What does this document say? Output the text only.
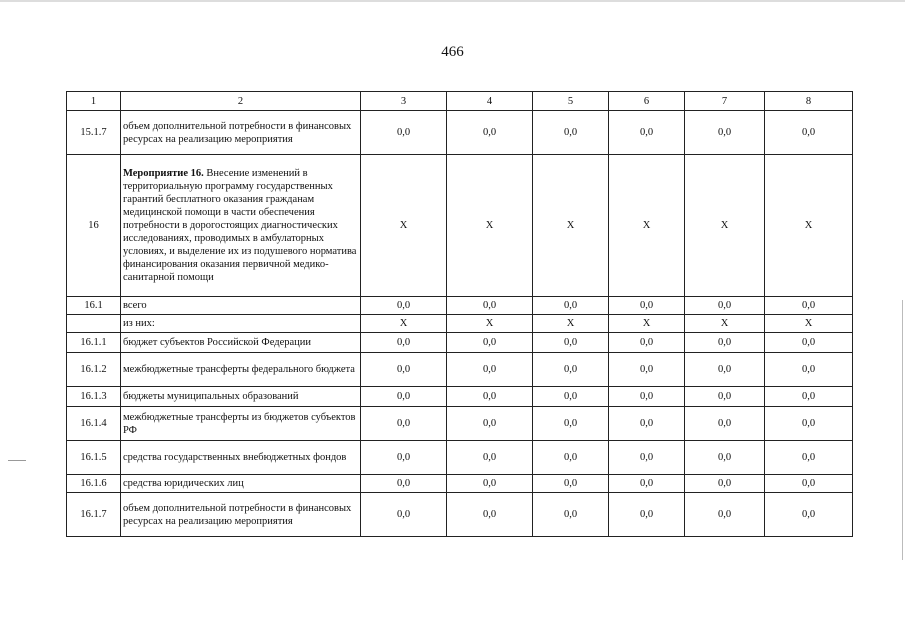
466
1	2	3	4	5	6	7	8
15.1.7	объем дополнительной потребности в финансовых ресурсах на реализацию мероприятия	0,0	0,0	0,0	0,0	0,0	0,0
16	Мероприятие 16. Внесение изменений в территориальную программу государственных гарантий бесплатного оказания гражданам медицинской помощи в части обеспечения потребности в дорогостоящих диагностических исследованиях, проводимых в амбулаторных условиях, и выделение их из подушевого норматива финансирования оказания первичной медико-санитарной помощи	X	X	X	X	X	X
16.1	всего	0,0	0,0	0,0	0,0	0,0	0,0
	из них:	X	X	X	X	X	X
16.1.1	бюджет субъектов Российской Федерации	0,0	0,0	0,0	0,0	0,0	0,0
16.1.2	межбюджетные трансферты федерального бюджета	0,0	0,0	0,0	0,0	0,0	0,0
16.1.3	бюджеты муниципальных образований	0,0	0,0	0,0	0,0	0,0	0,0
16.1.4	межбюджетные трансферты из бюджетов субъектов РФ	0,0	0,0	0,0	0,0	0,0	0,0
16.1.5	средства государственных внебюджетных фондов	0,0	0,0	0,0	0,0	0,0	0,0
16.1.6	средства юридических лиц	0,0	0,0	0,0	0,0	0,0	0,0
16.1.7	объем дополнительной потребности в финансовых ресурсах на реализацию мероприятия	0,0	0,0	0,0	0,0	0,0	0,0
